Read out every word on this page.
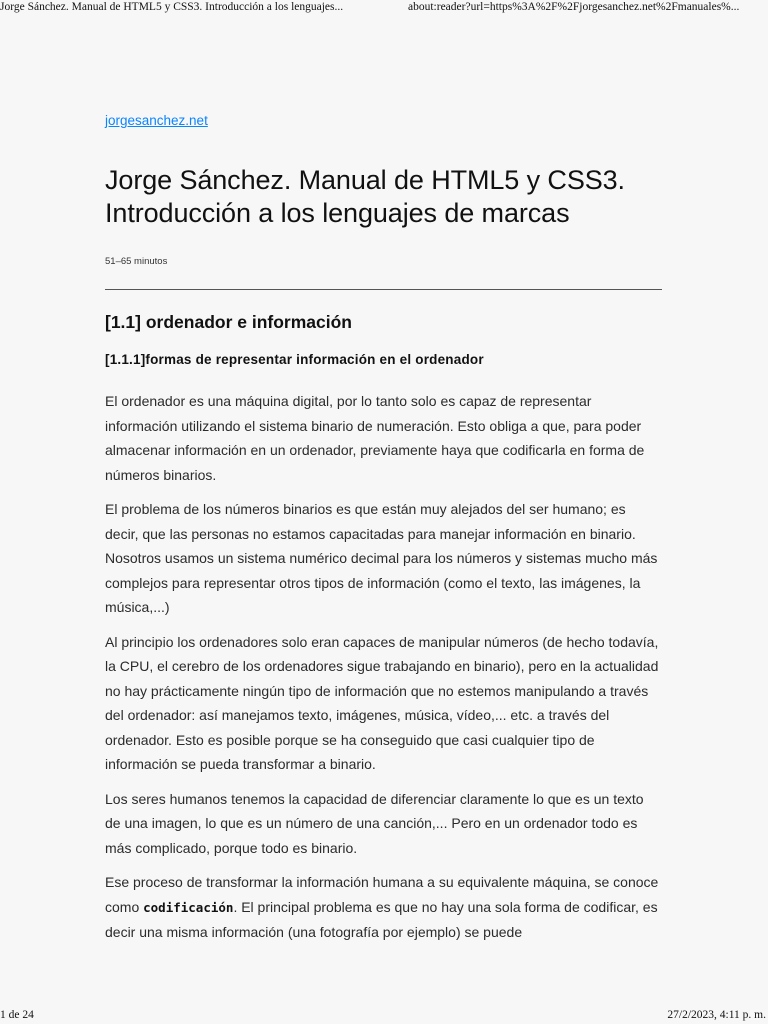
Jorge Sánchez. Manual de HTML5 y CSS3. Introducción a los lenguajes...	about:reader?url=https%3A%2F%2Fjorgesanchez.net%2Fmanuales%...
jorgesanchez.net
Jorge Sánchez. Manual de HTML5 y CSS3.
Introducción a los lenguajes de marcas
51–65 minutos
[1.1] ordenador e información
[1.1.1]formas de representar información en el ordenador

El ordenador es una máquina digital, por lo tanto solo es capaz de representar información utilizando el sistema binario de numeración. Esto obliga a que, para poder almacenar información en un ordenador, previamente haya que codificarla en forma de números binarios.

El problema de los números binarios es que están muy alejados del ser humano; es decir, que las personas no estamos capacitadas para manejar información en binario. Nosotros usamos un sistema numérico decimal para los números y sistemas mucho más complejos para representar otros tipos de información (como el texto, las imágenes, la música,...)

Al principio los ordenadores solo eran capaces de manipular números (de hecho todavía, la CPU, el cerebro de los ordenadores sigue trabajando en binario), pero en la actualidad no hay prácticamente ningún tipo de información que no estemos manipulando a través del ordenador: así manejamos texto, imágenes, música, vídeo,... etc. a través del ordenador. Esto es posible porque se ha conseguido que casi cualquier tipo de información se pueda transformar a binario.

Los seres humanos tenemos la capacidad de diferenciar claramente lo que es un texto de una imagen, lo que es un número de una canción,... Pero en un ordenador todo es más complicado, porque todo es binario.

Ese proceso de transformar la información humana a su equivalente máquina, se conoce como codificación. El principal problema es que no hay una sola forma de codificar, es decir una misma información (una fotografía por ejemplo) se puede

1 de 24	27/2/2023, 4:11 p. m.
